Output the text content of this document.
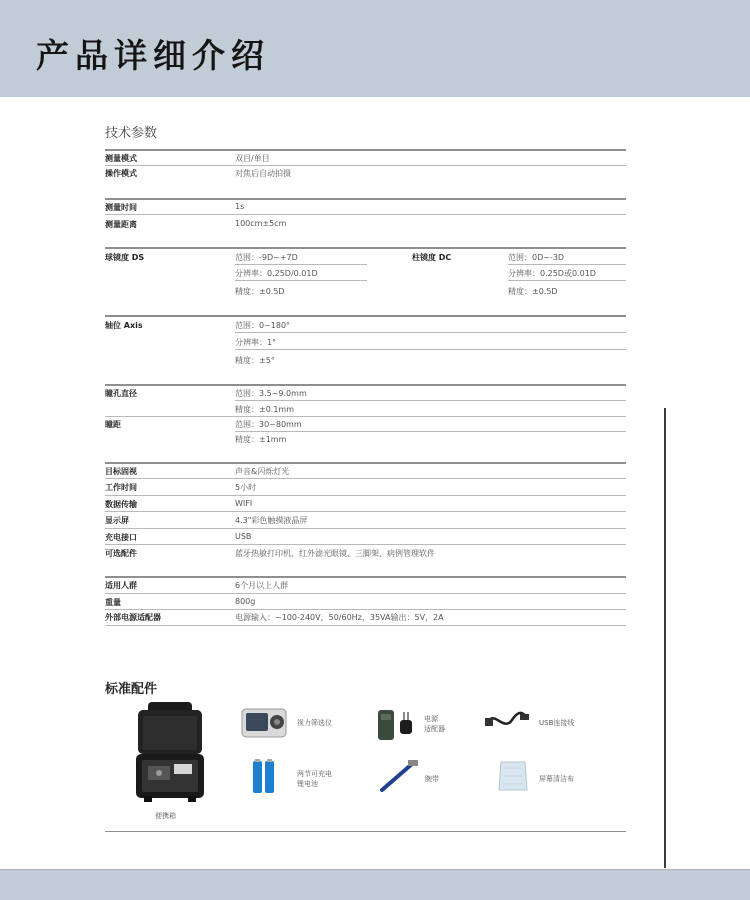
产品详细介绍
技术参数
测量模式	双目/单目
操作模式	对焦后自动拍摄
测量时间	1s
测量距离	100cm±5cm
球镜度 DS	范围：-9D~+7D
分辨率：0.25D/0.01D
精度：±0.5D
柱镜度 DC	范围：0D~-3D
分辨率：0.25D或0.01D
精度：±0.5D
轴位 Axis	范围：0~180°
分辨率：1°
精度：±5°
瞳孔直径	范围：3.5~9.0mm
精度：±0.1mm
瞳距	范围：30~80mm
精度：±1mm
目标固视	声音&闪烁灯光
工作时间	5小时
数据传输	WIFI
显示屏	4.3"彩色触摸液晶屏
充电接口	USB
可选配件	蓝牙热敏打印机、红外滤光眼镜、三脚架、病例管理软件
适用人群	6个月以上人群
重量	800g
外部电源适配器	电源输入：~100-240V，50/60Hz，35VA输出：5V，2A
标准配件
便携箱
视力筛选仪	电源
适配器
USB连接线
两节可充电
锂电池
腕带	屏幕清洁布
